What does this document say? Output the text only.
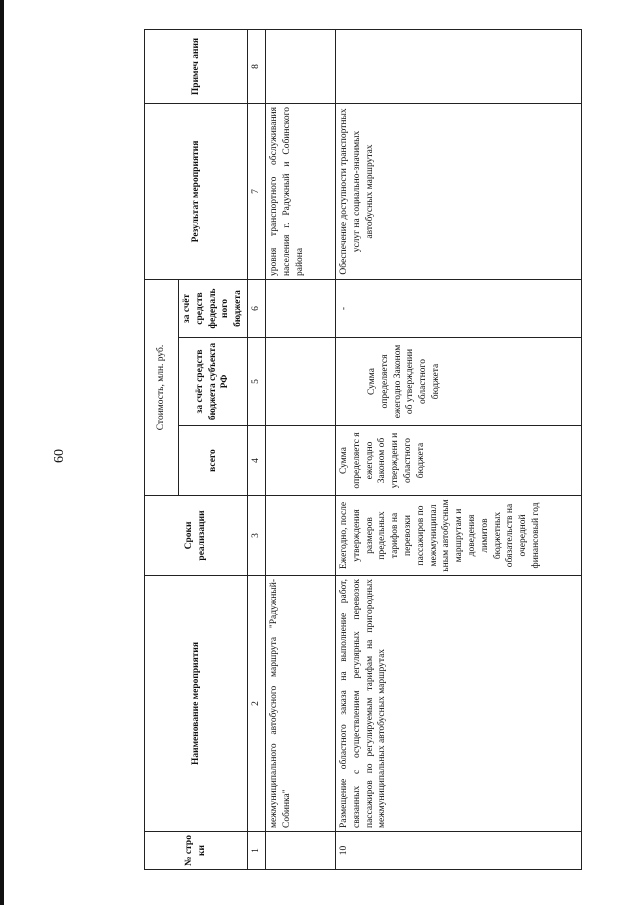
60
№ стро ки	Наименование мероприятия	Сроки реализации	Стоимость, млн. руб.			Результат мероприятия	Примеч ания
			всего	за счёт средств бюджета субъекта РФ	за счёт средств федераль ного бюджета		
1	2	3	4	5	6	7	8
	межмуниципального автобусного маршрута "Радужный-Собинка"					уровня транспортного обслуживания населения г. Радужный и Собинского района	
10	Размещение областного заказа на выполнение работ, связанных с осуществлением регулярных перевозок пассажиров по регулируемым тарифам на пригородных межмуниципальных автобусных маршрутах	Ежегодно, после утверждения размеров предельных тарифов на перевозки пассажиров по межмуниципал ьным автобусным маршрутам и доведения лимитов бюджетных обязательств на очередной финансовый год	Сумма определяетс я ежегодно Законом об утверждени и областного бюджета	Сумма определяется ежегодно Законом об утверждении областного бюджета	-	Обеспечение доступности транспортных услуг на социально-значимых автобусных маршрутах	
